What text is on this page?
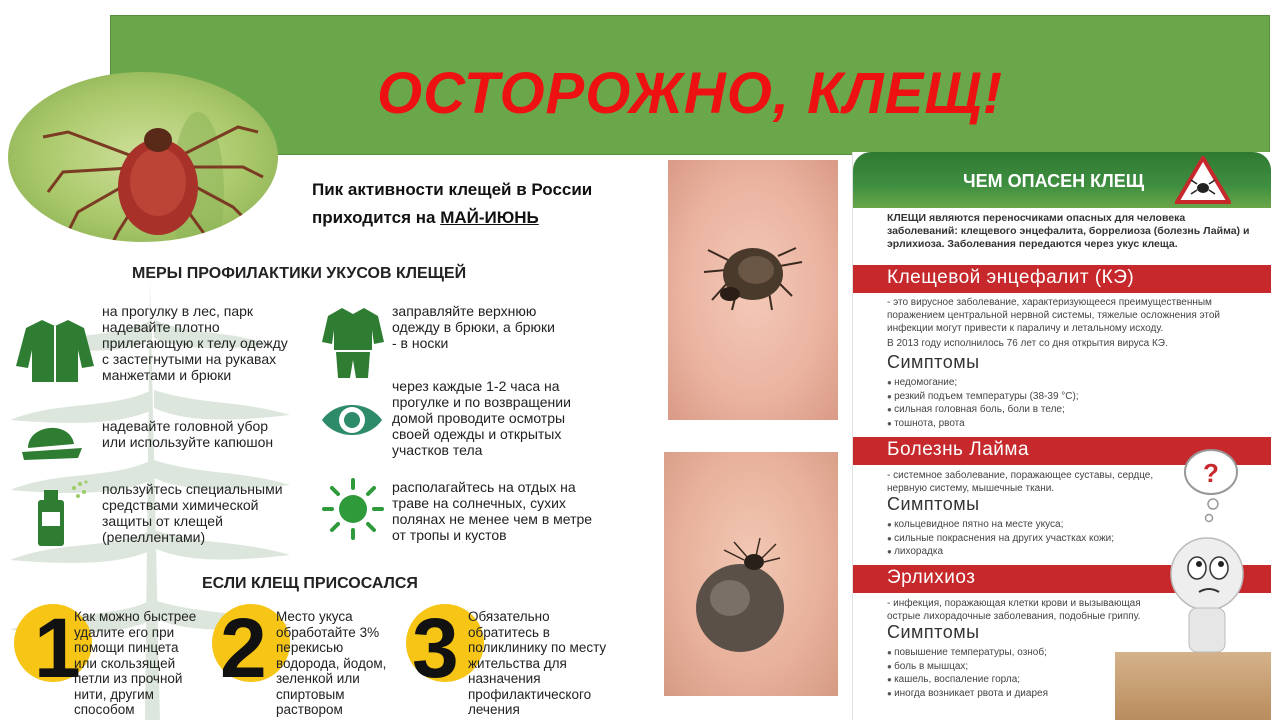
ОСТОРОЖНО, КЛЕЩ!
Пик активности клещей в России
приходится на МАЙ-ИЮНЬ
МЕРЫ ПРОФИЛАКТИКИ УКУСОВ КЛЕЩЕЙ
на прогулку в лес, парк надевайте плотно прилегающую к телу одежду с застегнутыми на рукавах манжетами и брюки
надевайте головной убор или используйте капюшон
пользуйтесь специальными средствами химической защиты от клещей (репеллентами)
заправляйте верхнюю одежду в брюки, а брюки - в носки
через каждые 1-2 часа на прогулке и по возвращении домой проводите осмотры своей одежды и открытых участков тела
располагайтесь на отдых на траве на солнечных, сухих полянах не менее чем в метре от тропы и кустов
ЕСЛИ КЛЕЩ ПРИСОСАЛСЯ
1
Как можно быстрее удалите его при помощи пинцета или скользящей петли из прочной нити, другим способом
2 Место укуса обработайте 3% перекисью водорода, йодом, зеленкой или спиртовым раствором
3 Обязательно обратитесь в поликлинику по месту жительства для назначения профилактического лечения
ЧЕМ ОПАСЕН КЛЕЩ
КЛЕЩИ являются переносчиками опасных для человека заболеваний: клещевого энцефалита, боррелиоза (болезнь Лайма) и эрлихиоза. Заболевания передаются через укус клеща.
Клещевой энцефалит (КЭ)
- это вирусное заболевание, характеризующееся преимущественным поражением центральной нервной системы, тяжелые осложнения этой инфекции могут привести к параличу и летальному исходу.
В 2013 году исполнилось 76 лет со дня открытия вируса КЭ.
Симптомы
● недомогание;
● резкий подъем температуры (38-39 °С);
● сильная головная боль, боли в теле;
● тошнота, рвота
Болезнь Лайма
- системное заболевание, поражающее суставы, сердце, нервную систему, мышечные ткани.
Симптомы
● кольцевидное пятно на месте укуса;
● сильные покраснения на других участках кожи;
● лихорадка
Эрлихиоз
- инфекция, поражающая клетки крови и вызывающая острые лихорадочные заболевания, подобные гриппу.
Симптомы
● повышение температуры, озноб;
● боль в мышцах;
● кашель, воспаление горла;
● иногда возникает рвота и диарея
?
